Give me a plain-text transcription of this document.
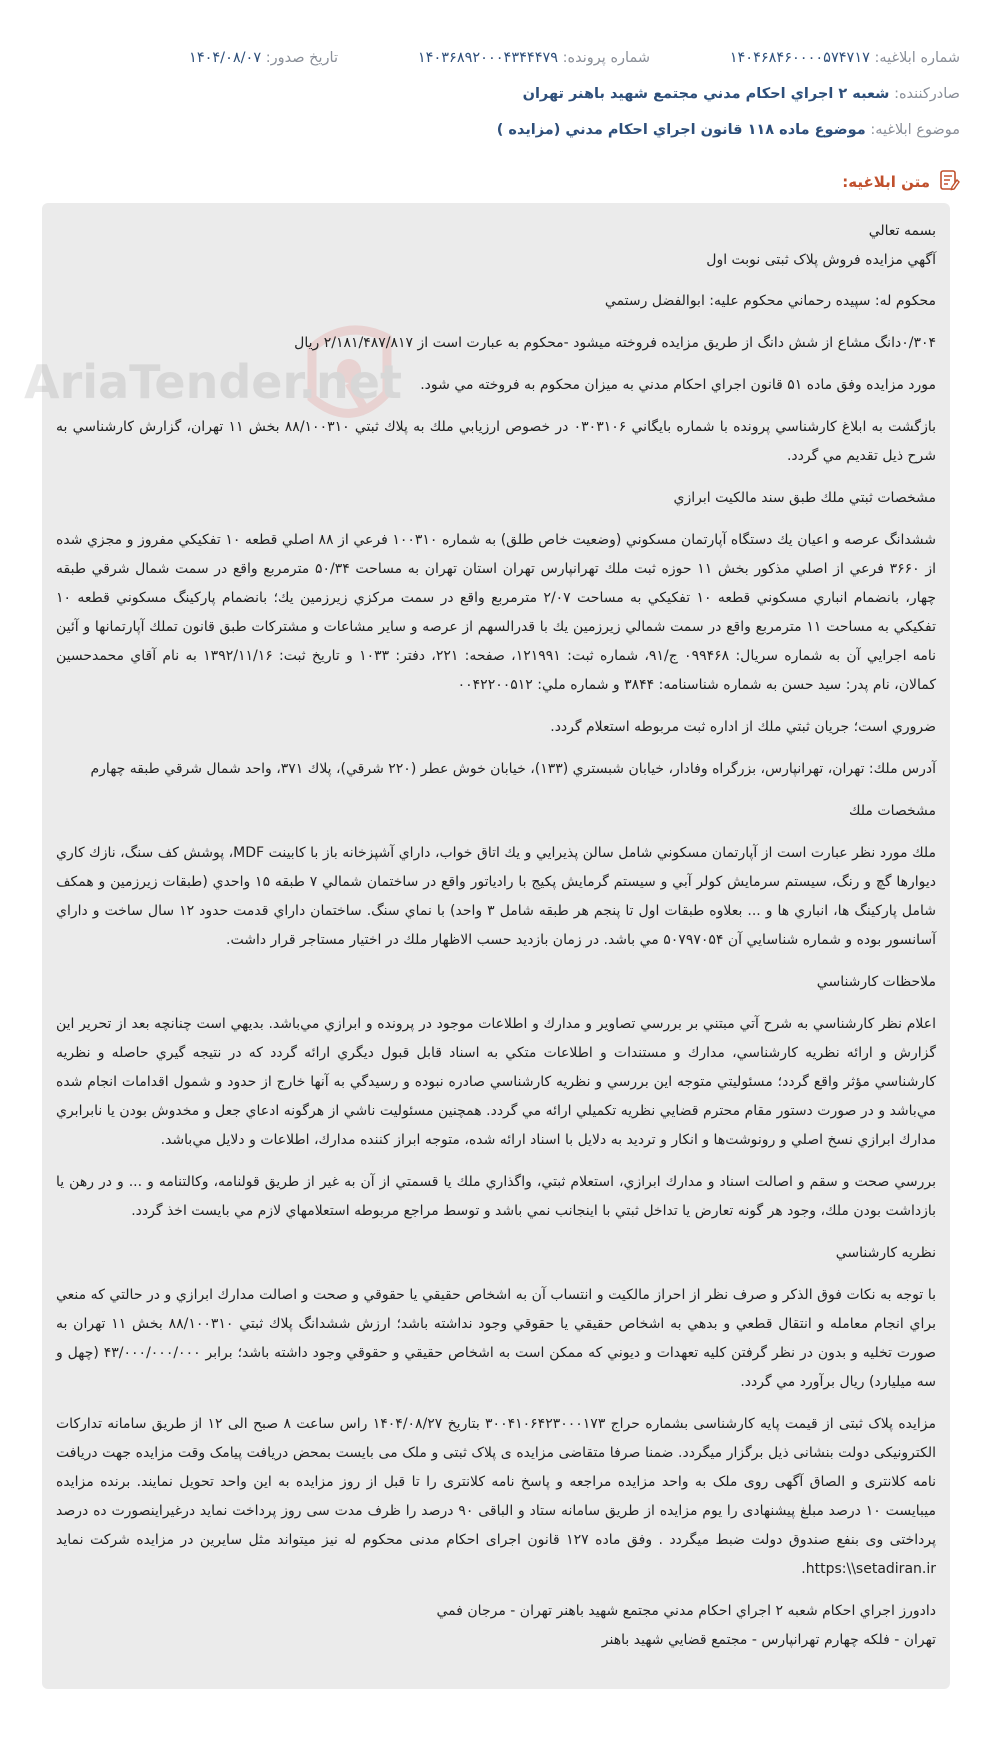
شماره ابلاغیه: ۱۴۰۴۶۸۴۶۰۰۰۰۵۷۴۷۱۷
شماره پرونده: ۱۴۰۳۶۸۹۲۰۰۰۴۳۴۴۴۷۹
تاریخ صدور: ۱۴۰۴/۰۸/۰۷
صادرکننده: شعبه ۲ اجراي احكام مدني مجتمع شهيد باهنر تهران
موضوع ابلاغیه: موضوع ماده ۱۱۸ قانون اجراي احكام مدني (مزايده )
متن ابلاغیه:
AriaTender.net

بسمه تعالي
آگهي مزايده فروش پلاک ثبتی نوبت اول

محکوم له: سپيده رحماني محکوم عليه: ابوالفضل رستمي

۰/۳۰۴دانگ مشاع از شش دانگ از طريق مزايده فروخته ميشود -محکوم به عبارت است از ۲/۱۸۱/۴۸۷/۸۱۷ ريال

مورد مزايده وفق ماده ۵۱ قانون اجراي احکام مدني به ميزان محکوم به فروخته مي شود.

بازگشت به ابلاغ كارشناسي پرونده با شماره بايگاني ۰۳۰۳۱۰۶ در خصوص ارزيابي ملك به پلاك ثبتي ۸۸/۱۰۰۳۱۰ بخش ۱۱ تهران، گزارش كارشناسي به شرح ذيل تقديم مي گردد.

مشخصات ثبتي ملك طبق سند مالكيت ابرازي

ششدانگ عرصه و اعيان يك دستگاه آپارتمان مسكوني (وضعيت خاص طلق) به شماره ۱۰۰۳۱۰ فرعي از ۸۸ اصلي قطعه ۱۰ تفكيكي مفروز و مجزي شده از ۳۶۶۰ فرعي از اصلي مذكور بخش ۱۱ حوزه ثبت ملك تهرانپارس تهران استان تهران به مساحت ۵۰/۳۴ مترمربع واقع در سمت شمال شرقي طبقه چهار، بانضمام انباري مسكوني قطعه ۱۰ تفكيكي به مساحت ۲/۰۷ مترمربع واقع در سمت مركزي زيرزمين يك؛ بانضمام پاركينگ مسكوني قطعه ۱۰ تفكيكي به مساحت ۱۱ مترمربع واقع در سمت شمالي زيرزمين يك با قدرالسهم از عرصه و ساير مشاعات و مشتركات طبق قانون تملك آپارتمانها و آئين نامه اجرايي آن به شماره سريال: ۰۹۹۴۶۸ ج/۹۱، شماره ثبت: ۱۲۱۹۹۱، صفحه: ۲۲۱، دفتر: ۱۰۳۳ و تاريخ ثبت: ۱۳۹۲/۱۱/۱۶ به نام آقاي محمدحسين كمالان، نام پدر: سيد حسن به شماره شناسنامه: ۳۸۴۴ و شماره ملي: ۰۰۴۲۲۰۰۵۱۲

ضروري است؛ جريان ثبتي ملك از اداره ثبت مربوطه استعلام گردد.

آدرس ملك: تهران، تهرانپارس، بزرگراه وفادار، خيابان شبستري (۱۳۳)، خيابان خوش عطر (۲۲۰ شرقي)، پلاك ۳۷۱، واحد شمال شرقي طبقه چهارم

مشخصات ملك

ملك مورد نظر عبارت است از آپارتمان مسكوني شامل سالن پذيرايي و يك اتاق خواب، داراي آشپزخانه باز با كابينت MDF، پوشش كف سنگ، نازك كاري ديوارها گچ و رنگ، سيستم سرمايش كولر آبي و سيستم گرمايش پكيج با رادياتور واقع در ساختمان شمالي ۷ طبقه ۱۵ واحدي (طبقات زيرزمين و همكف شامل پاركينگ ها، انباري ها و ... بعلاوه طبقات اول تا پنجم هر طبقه شامل ۳ واحد) با نماي سنگ. ساختمان داراي قدمت حدود ۱۲ سال ساخت و داراي آسانسور بوده و شماره شناسايي آن ۵۰۷۹۷۰۵۴ مي باشد. در زمان بازديد حسب الاظهار ملك در اختيار مستاجر قرار داشت.

ملاحظات كارشناسي

اعلام نظر كارشناسي به شرح آتي مبتني بر بررسي تصاوير و مدارك و اطلاعات موجود در پرونده و ابرازي مي‌باشد. بديهي است چنانچه بعد از تحرير اين گزارش و ارائه نظريه كارشناسي، مدارك و مستندات و اطلاعات متكي به اسناد قابل قبول ديگري ارائه گردد كه در نتيجه گيري حاصله و نظريه كارشناسي مؤثر واقع گردد؛ مسئوليتي متوجه اين بررسي و نظريه كارشناسي صادره نبوده و رسيدگي به آنها خارج از حدود و شمول اقدامات انجام شده مي‌باشد و در صورت دستور مقام محترم قضايي نظريه تكميلي ارائه مي گردد. همچنين مسئوليت ناشي از هرگونه ادعاي جعل و مخدوش بودن يا نابرابري مدارك ابرازي نسخ اصلي و رونوشت‌ها و انكار و ترديد به دلايل با اسناد ارائه شده، متوجه ابراز كننده مدارك، اطلاعات و دلايل مي‌باشد.

بررسي صحت و سقم و اصالت اسناد و مدارك ابرازي، استعلام ثبتي، واگذاري ملك يا قسمتي از آن به غير از طريق قولنامه، وكالتنامه و ... و در رهن يا بازداشت بودن ملك، وجود هر گونه تعارض يا تداخل ثبتي با اينجانب نمي باشد و توسط مراجع مربوطه استعلامهاي لازم مي بايست اخذ گردد.

نظريه كارشناسي

با توجه به نكات فوق الذكر و صرف نظر از احراز مالكيت و انتساب آن به اشخاص حقيقي يا حقوقي و صحت و اصالت مدارك ابرازي و در حالتي كه منعي براي انجام معامله و انتقال قطعي و بدهي به اشخاص حقيقي يا حقوقي وجود نداشته باشد؛ ارزش ششدانگ پلاك ثبتي ۸۸/۱۰۰۳۱۰ بخش ۱۱ تهران به صورت تخليه و بدون در نظر گرفتن كليه تعهدات و ديوني كه ممكن است به اشخاص حقيقي و حقوقي وجود داشته باشد؛ برابر ۴۳/۰۰۰/۰۰۰/۰۰۰ (چهل و سه ميليارد) ريال برآورد مي گردد.

مزایده پلاک ثبتی از قیمت پایه کارشناسی بشماره حراج ۳۰۰۴۱۰۶۴۲۳۰۰۰۱۷۳ بتاريخ ۱۴۰۴/۰۸/۲۷ راس ساعت ۸ صبح الی ۱۲ از طریق سامانه تدارکات الکترونیکی دولت بنشانی ذیل برگزار میگردد. ضمنا صرفا متقاضی مزایده ی پلاک ثبتی و ملک می بایست بمحض دریافت پیامک وقت مزایده جهت دریافت نامه کلانتری و الصاق آگهی روی ملک به واحد مزایده مراجعه و پاسخ نامه کلانتری را تا قبل از روز مزایده به این واحد تحویل نمایند. برنده مزایده میبایست ۱۰ درصد مبلغ پیشنهادی را یوم مزایده از طریق سامانه ستاد و الباقی ۹۰ درصد را ظرف مدت سی روز پرداخت نماید درغیراینصورت ده درصد پرداختی وی بنفع صندوق دولت ضبط میگردد . وفق ماده ۱۲۷ قانون اجرای احکام مدنی محکوم له نیز میتواند مثل سایرین در مزایده شرکت نماید https:\\setadiran.ir.

دادورز اجراي احكام شعبه ۲ اجراي احكام مدني مجتمع شهيد باهنر تهران - مرجان فمي
تهران - فلكه چهارم تهرانپارس - مجتمع قضايي شهيد باهنر
